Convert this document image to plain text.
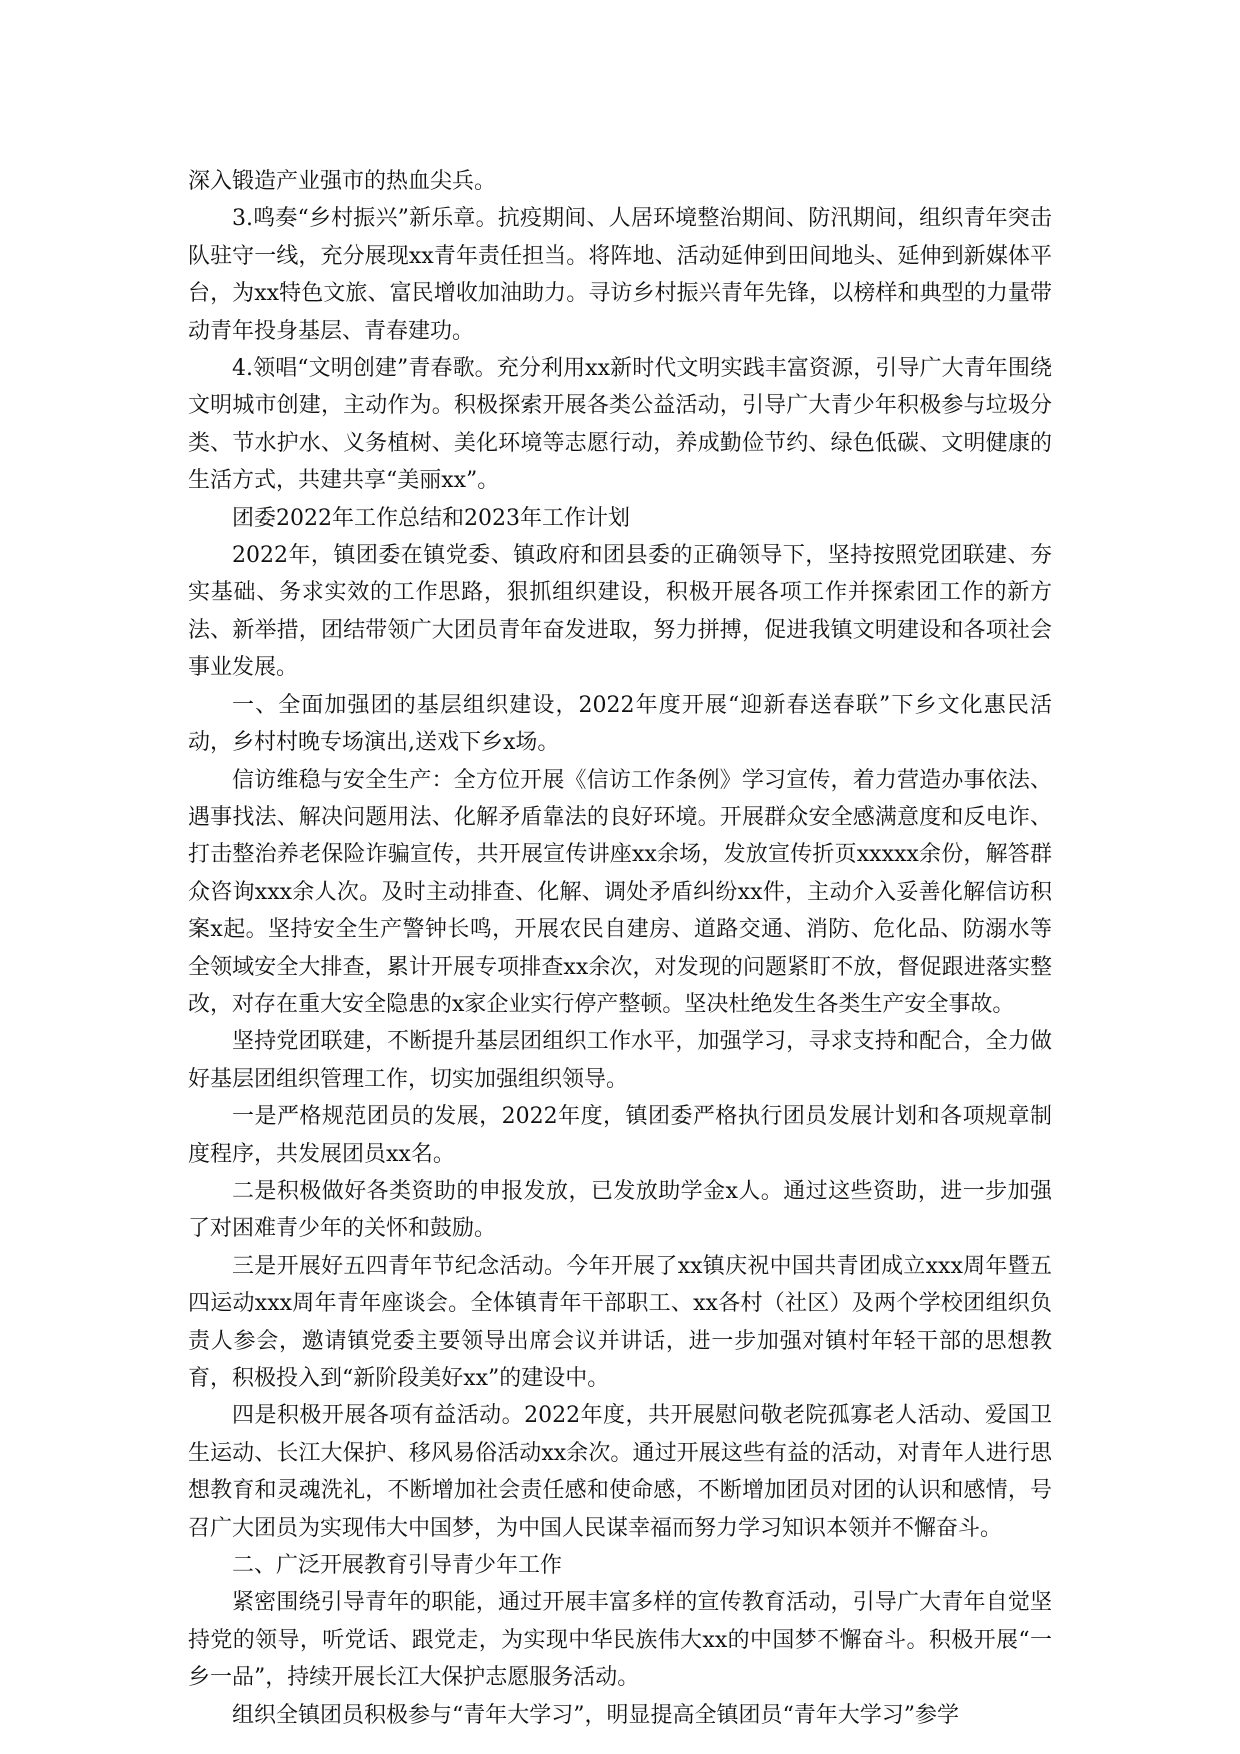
深入锻造产业强市的热血尖兵。

3.鸣奏“乡村振兴”新乐章。抗疫期间、人居环境整治期间、防汛期间，组织青年突击队驻守一线，充分展现xx青年责任担当。将阵地、活动延伸到田间地头、延伸到新媒体平台，为xx特色文旅、富民增收加油助力。寻访乡村振兴青年先锋，以榜样和典型的力量带动青年投身基层、青春建功。

4.领唱“文明创建”青春歌。充分利用xx新时代文明实践丰富资源，引导广大青年围绕文明城市创建，主动作为。积极探索开展各类公益活动，引导广大青少年积极参与垃圾分类、节水护水、义务植树、美化环境等志愿行动，养成勤俭节约、绿色低碳、文明健康的生活方式，共建共享“美丽xx”。

团委2022年工作总结和2023年工作计划

2022年，镇团委在镇党委、镇政府和团县委的正确领导下，坚持按照党团联建、夯实基础、务求实效的工作思路，狠抓组织建设，积极开展各项工作并探索团工作的新方法、新举措，团结带领广大团员青年奋发进取，努力拼搏，促进我镇文明建设和各项社会事业发展。

一、全面加强团的基层组织建设，2022年度开展“迎新春送春联”下乡文化惠民活动，乡村村晚专场演出,送戏下乡x场。

信访维稳与安全生产：全方位开展《信访工作条例》学习宣传，着力营造办事依法、遇事找法、解决问题用法、化解矛盾靠法的良好环境。开展群众安全感满意度和反电诈、打击整治养老保险诈骗宣传，共开展宣传讲座xx余场，发放宣传折页xxxxx余份，解答群众咨询xxx余人次。及时主动排查、化解、调处矛盾纠纷xx件，主动介入妥善化解信访积案x起。坚持安全生产警钟长鸣，开展农民自建房、道路交通、消防、危化品、防溺水等全领域安全大排查，累计开展专项排查xx余次，对发现的问题紧盯不放，督促跟进落实整改，对存在重大安全隐患的x家企业实行停产整顿。坚决杜绝发生各类生产安全事故。

坚持党团联建，不断提升基层团组织工作水平，加强学习，寻求支持和配合，全力做好基层团组织管理工作，切实加强组织领导。

一是严格规范团员的发展，2022年度，镇团委严格执行团员发展计划和各项规章制度程序，共发展团员xx名。

二是积极做好各类资助的申报发放，已发放助学金x人。通过这些资助，进一步加强了对困难青少年的关怀和鼓励。

三是开展好五四青年节纪念活动。今年开展了xx镇庆祝中国共青团成立xxx周年暨五四运动xxx周年青年座谈会。全体镇青年干部职工、xx各村（社区）及两个学校团组织负责人参会，邀请镇党委主要领导出席会议并讲话，进一步加强对镇村年轻干部的思想教育，积极投入到“新阶段美好xx”的建设中。

四是积极开展各项有益活动。2022年度，共开展慰问敬老院孤寡老人活动、爱国卫生运动、长江大保护、移风易俗活动xx余次。通过开展这些有益的活动，对青年人进行思想教育和灵魂洗礼，不断增加社会责任感和使命感，不断增加团员对团的认识和感情，号召广大团员为实现伟大中国梦，为中国人民谋幸福而努力学习知识本领并不懈奋斗。

二、广泛开展教育引导青少年工作

紧密围绕引导青年的职能，通过开展丰富多样的宣传教育活动，引导广大青年自觉坚持党的领导，听党话、跟党走，为实现中华民族伟大xx的中国梦不懈奋斗。积极开展“一乡一品”，持续开展长江大保护志愿服务活动。

组织全镇团员积极参与“青年大学习”，明显提高全镇团员“青年大学习”参学
